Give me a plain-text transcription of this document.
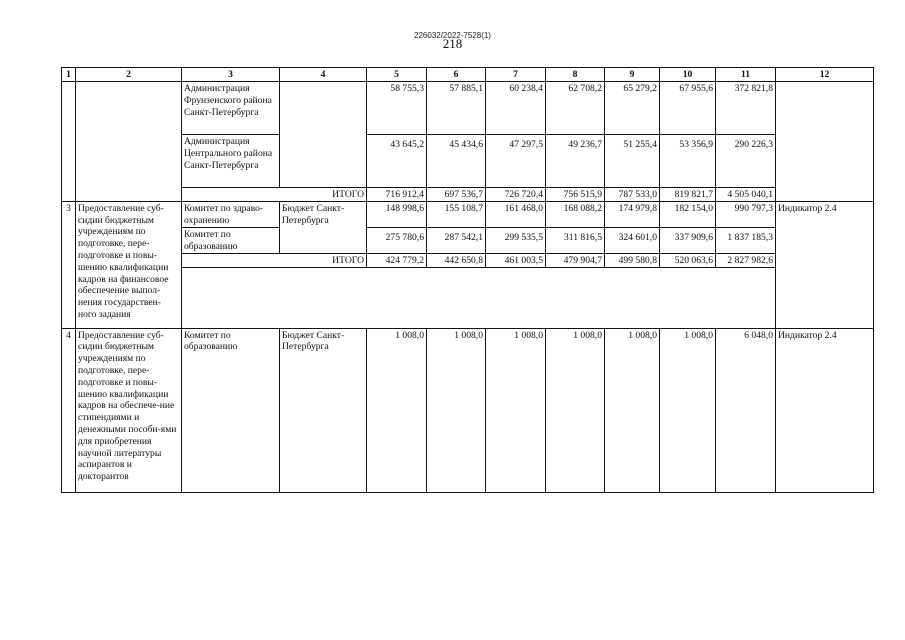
226032/2022-7528(1)
218
1	2	3	4	5	6	7	8	9	10	11	12
		Администрация Фрунзенского района Санкт-Петербурга		58 755,3	57 885,1	60 238,4	62 708,2	65 279,2	67 955,6	372 821,8	
		Администрация Центрального района Санкт-Петербурга		43 645,2	45 434,6	47 297,5	49 236,7	51 255,4	53 356,9	290 226,3	
		ИТОГО		716 912,4	697 536,7	726 720,4	756 515,9	787 533,0	819 821,7	4 505 040,1	
3	Предоставление суб-сидии бюджетным учреждениям по подготовке, пере-подготовке и повы-шению квалификации кадров на финансовое обеспечение выпол-нения государствен-ного задания	Комитет по здраво-охранению	Бюджет Санкт-Петербурга	148 998,6	155 108,7	161 468,0	168 088,2	174 979,8	182 154,0	990 797,3	Индикатор 2.4
		Комитет по образованию		275 780,6	287 542,1	299 535,5	311 816,5	324 601,0	337 909,6	1 837 185,3	
		ИТОГО		424 779,2	442 650,8	461 003,5	479 904,7	499 580,8	520 063,6	2 827 982,6	

4	Предоставление суб-сидии бюджетным учреждениям по подготовке, пере-подготовке и повы-шению квалификации кадров на обеспече-ние стипендиями и денежными пособи-ями для приобретения научной литературы аспирантов и докторантов	Комитет по образованию	Бюджет Санкт-Петербурга	1 008,0	1 008,0	1 008,0	1 008,0	1 008,0	1 008,0	6 048,0	Индикатор 2.4
